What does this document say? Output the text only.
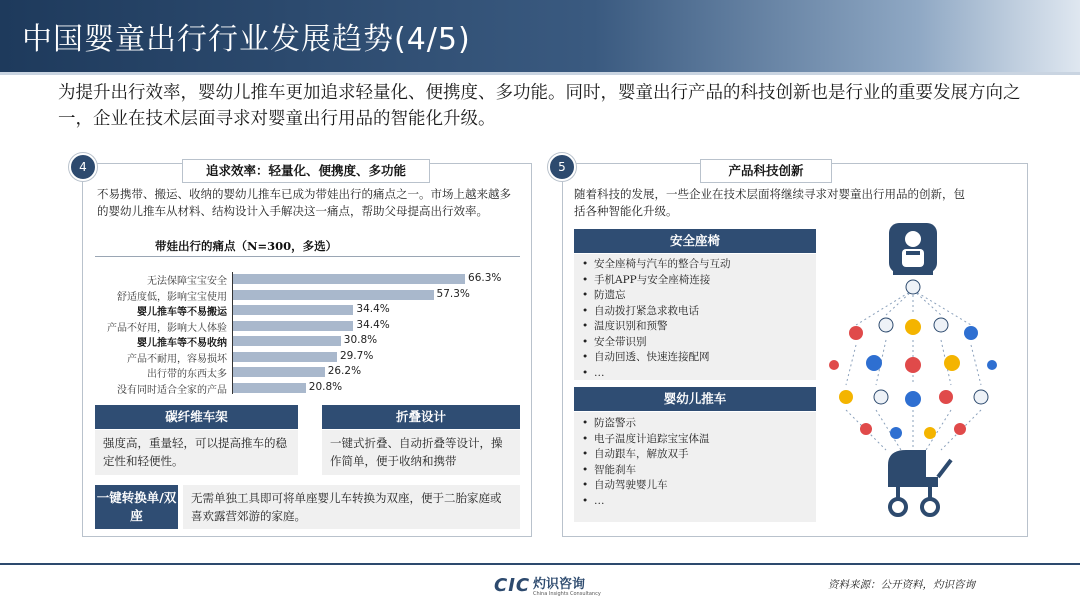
中国婴童出行行业发展趋势(4/5)
为提升出行效率，婴幼儿推车更加追求轻量化、便携度、多功能。同时，婴童出行产品的科技创新也是行业的重要发展方向之一，企业在技术层面寻求对婴童出行用品的智能化升级。
4	追求效率：轻量化、便携度、多功能
不易携带、搬运、收纳的婴幼儿推车已成为带娃出行的痛点之一。市场上越来越多的婴幼儿推车从材料、结构设计入手解决这一痛点，帮助父母提高出行效率。
带娃出行的痛点（N=300，多选）
无法保障宝宝安全	66.3%
舒适度低，影响宝宝使用	57.3%
婴儿推车等不易搬运	34.4%
产品不好用，影响大人体验	34.4%
婴儿推车等不易收纳	30.8%
产品不耐用，容易损坏	29.7%
出行带的东西太多	26.2%
没有同时适合全家的产品	20.8%
碳纤维车架
强度高，重量轻，可以提高推车的稳定性和轻便性。
折叠设计
一键式折叠、自动折叠等设计，操作简单，便于收纳和携带
一键转换单/双座
无需单独工具即可将单座婴儿车转换为双座，便于二胎家庭或喜欢露营郊游的家庭。
5	产品科技创新
随着科技的发展，一些企业在技术层面将继续寻求对婴童出行用品的创新，包括各种智能化升级。
安全座椅
• 安全座椅与汽车的整合与互动
• 手机APP与安全座椅连接
• 防遗忘
• 自动拨打紧急求救电话
• 温度识别和预警
• 安全带识别
• 自动回透、快速连接配网
• …
婴幼儿推车
• 防盗警示
• 电子温度计追踪宝宝体温
• 自动跟车，解放双手
• 智能刹车
• 自动驾驶婴儿车
• …
CIC 灼识咨询
China Insights Consultancy
资料来源：公开资料，灼识咨询
